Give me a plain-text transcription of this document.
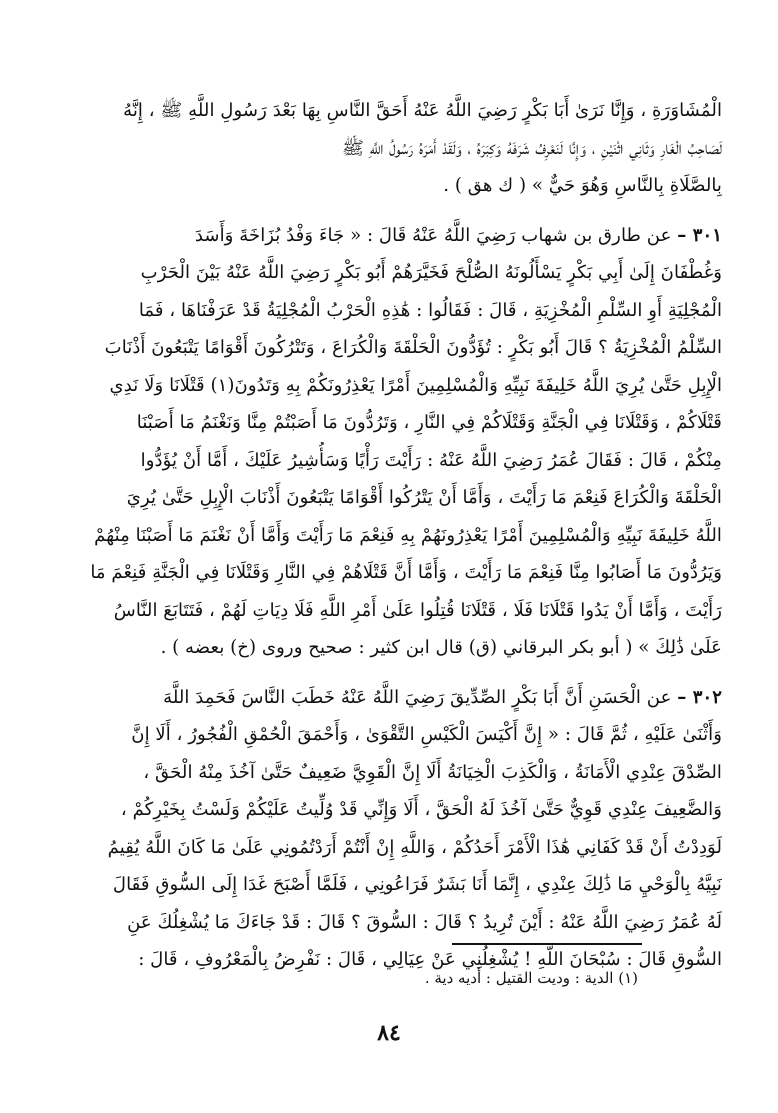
الْمُشَاوَرَةِ ، وَإِنَّا نَرَىٰ أَبَا بَكْرٍ رَضِيَ اللَّهُ عَنْهُ أَحَقَّ النَّاسِ بِهَا بَعْدَ رَسُولِ اللَّهِ ﷺ ، إِنَّهُ
لَصَاحِبُ الْغَارِ وَثَانِي اثْنَيْنِ ، وَإِنَّا لَنَعْرِفُ شَرَفَهُ وَكِبَرَهُ ، وَلَقَدْ أَمَرَهُ رَسُولُ اللَّهِ ﷺ
بِالصَّلَاةِ بِالنَّاسِ وَهُوَ حَيٌّ » ( ك هق ) .
٣٠١ – عن طارق بن شهاب رَضِيَ اللَّهُ عَنْهُ قَالَ : « جَاءَ وَفْدُ بُزَاخَةَ وَأَسَدَ
وَغُطْفَانَ إِلَىٰ أَبِي بَكْرٍ يَسْأَلُونَهُ الصُّلْحَ فَخَيَّرَهُمْ أَبُو بَكْرٍ رَضِيَ اللَّهُ عَنْهُ بَيْنَ الْحَرْبِ
الْمُجْلِيَةِ أَوِ السِّلْمِ الْمُخْزِيَةِ ، قَالَ : فَقَالُوا : هَٰذِهِ الْحَرْبُ الْمُجْلِيَةُ قَدْ عَرَفْنَاهَا ، فَمَا
السِّلْمُ الْمُخْزِيَةُ ؟ قَالَ أَبُو بَكْرٍ : تُؤَدُّونَ الْحَلْقَةَ وَالْكُرَاعَ ، وَتَتْرُكُونَ أَقْوَامًا يَتْبَعُونَ أَذْنَابَ
الْإِبِلِ حَتَّىٰ يُرِيَ اللَّهُ خَلِيفَةَ نَبِيِّهِ وَالْمُسْلِمِينَ أَمْرًا يَعْذِرُونَكُمْ بِهِ وَتَدُونَ(١) قَتْلَانَا وَلَا نَدِي
قَتْلَاكُمْ ، وَقَتْلَانَا فِي الْجَنَّةِ وَقَتْلَاكُمْ فِي النَّارِ ، وَتَرُدُّونَ مَا أَصَبْتُمْ مِنَّا وَنَغْنَمُ مَا أَصَبْنَا
مِنْكُمْ ، قَالَ : فَقَالَ عُمَرُ رَضِيَ اللَّهُ عَنْهُ : رَأَيْتَ رَأْيًا وَسَأُشِيرُ عَلَيْكَ ، أَمَّا أَنْ يُؤَدُّوا
الْحَلْقَةَ وَالْكُرَاعَ فَنِعْمَ مَا رَأَيْتَ ، وَأَمَّا أَنْ يَتْرُكُوا أَقْوَامًا يَتْبَعُونَ أَذْنَابَ الْإِبِلِ حَتَّىٰ يُرِيَ
اللَّهُ خَلِيفَةَ نَبِيِّهِ وَالْمُسْلِمِينَ أَمْرًا يَعْذِرُونَهُمْ بِهِ فَنِعْمَ مَا رَأَيْتَ وَأَمَّا أَنْ نَغْنَمَ مَا أَصَبْنَا مِنْهُمْ
وَيَرُدُّونَ مَا أَصَابُوا مِنَّا فَنِعْمَ مَا رَأَيْتَ ، وَأَمَّا أَنَّ قَتْلَاهُمْ فِي النَّارِ وَقَتْلَانَا فِي الْجَنَّةِ فَنِعْمَ مَا
رَأَيْتَ ، وَأَمَّا أَنْ يَدُوا قَتْلَانَا فَلَا ، قَتْلَانَا قُتِلُوا عَلَىٰ أَمْرِ اللَّهِ فَلَا دِيَاتِ لَهُمْ ، فَتَتَابَعَ النَّاسُ
عَلَىٰ ذَٰلِكَ » ( أبو بكر البرقاني (ق) قال ابن كثير : صحيح وروى (خ) بعضه ) .
٣٠٢ – عن الْحَسَنِ أَنَّ أَبَا بَكْرٍ الصِّدِّيقَ رَضِيَ اللَّهُ عَنْهُ خَطَبَ النَّاسَ فَحَمِدَ اللَّهَ
وَأَثْنَىٰ عَلَيْهِ ، ثُمَّ قَالَ : « إِنَّ أَكْيَسَ الْكَيْسِ التَّقْوَىٰ ، وَأَحْمَقَ الْحُمْقِ الْفُجُورُ ، أَلَا إِنَّ
الصِّدْقَ عِنْدِي الْأَمَانَةُ ، وَالْكَذِبَ الْخِيَانَةُ أَلَا إِنَّ الْقَوِيَّ ضَعِيفٌ حَتَّىٰ آخُذَ مِنْهُ الْحَقَّ ،
وَالضَّعِيفَ عِنْدِي قَوِيٌّ حَتَّىٰ آخُذَ لَهُ الْحَقَّ ، أَلَا وَإِنِّي قَدْ وُلِّيتُ عَلَيْكُمْ وَلَسْتُ بِخَيْرِكُمْ ،
لَوَدِدْتُ أَنْ قَدْ كَفَانِي هَٰذَا الْأَمْرَ أَحَدُكُمْ ، وَاللَّهِ إِنْ أَنْتُمْ أَرَدْتُمُونِي عَلَىٰ مَا كَانَ اللَّهُ يُقِيمُ
نَبِيَّهُ بِالْوَحْيِ مَا ذَٰلِكَ عِنْدِي ، إِنَّمَا أَنَا بَشَرٌ فَرَاعُونِي ، فَلَمَّا أَصْبَحَ غَدَا إِلَى السُّوقِ فَقَالَ
لَهُ عُمَرُ رَضِيَ اللَّهُ عَنْهُ : أَيْنَ تُرِيدُ ؟ قَالَ : السُّوقَ ؟ قَالَ : قَدْ جَاءَكَ مَا يُشْغِلُكَ عَنِ
السُّوقِ قَالَ : سُبْحَانَ اللَّهِ ! يُشْغِلُنِي عَنْ عِيَالِي ، قَالَ : نَفْرِضُ بِالْمَعْرُوفِ ، قَالَ :
(١) الدية : وديت القتيل : أديه دية .
٨٤
